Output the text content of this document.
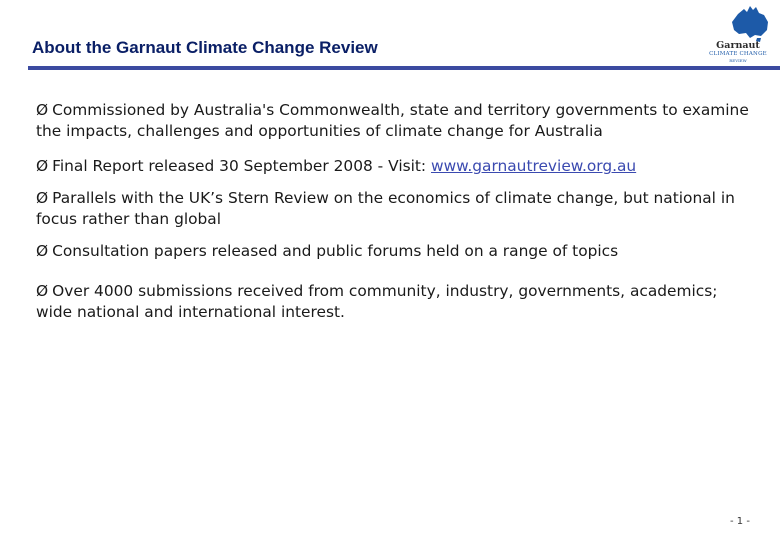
About the Garnaut Climate Change Review	Garnaut
CLIMATE CHANGE
REVIEW
Ø Commissioned by Australia's Commonwealth, state and territory governments to examine the impacts, challenges and opportunities of climate change for Australia
Ø Final Report released 30 September 2008 - Visit: www.garnautreview.org.au
Ø Parallels with the UK’s Stern Review on the economics of climate change, but national in focus rather than global
Ø Consultation papers released and public forums held on a range of topics
Ø Over 4000 submissions received from community, industry, governments, academics; wide national and international interest.
- 1 -
